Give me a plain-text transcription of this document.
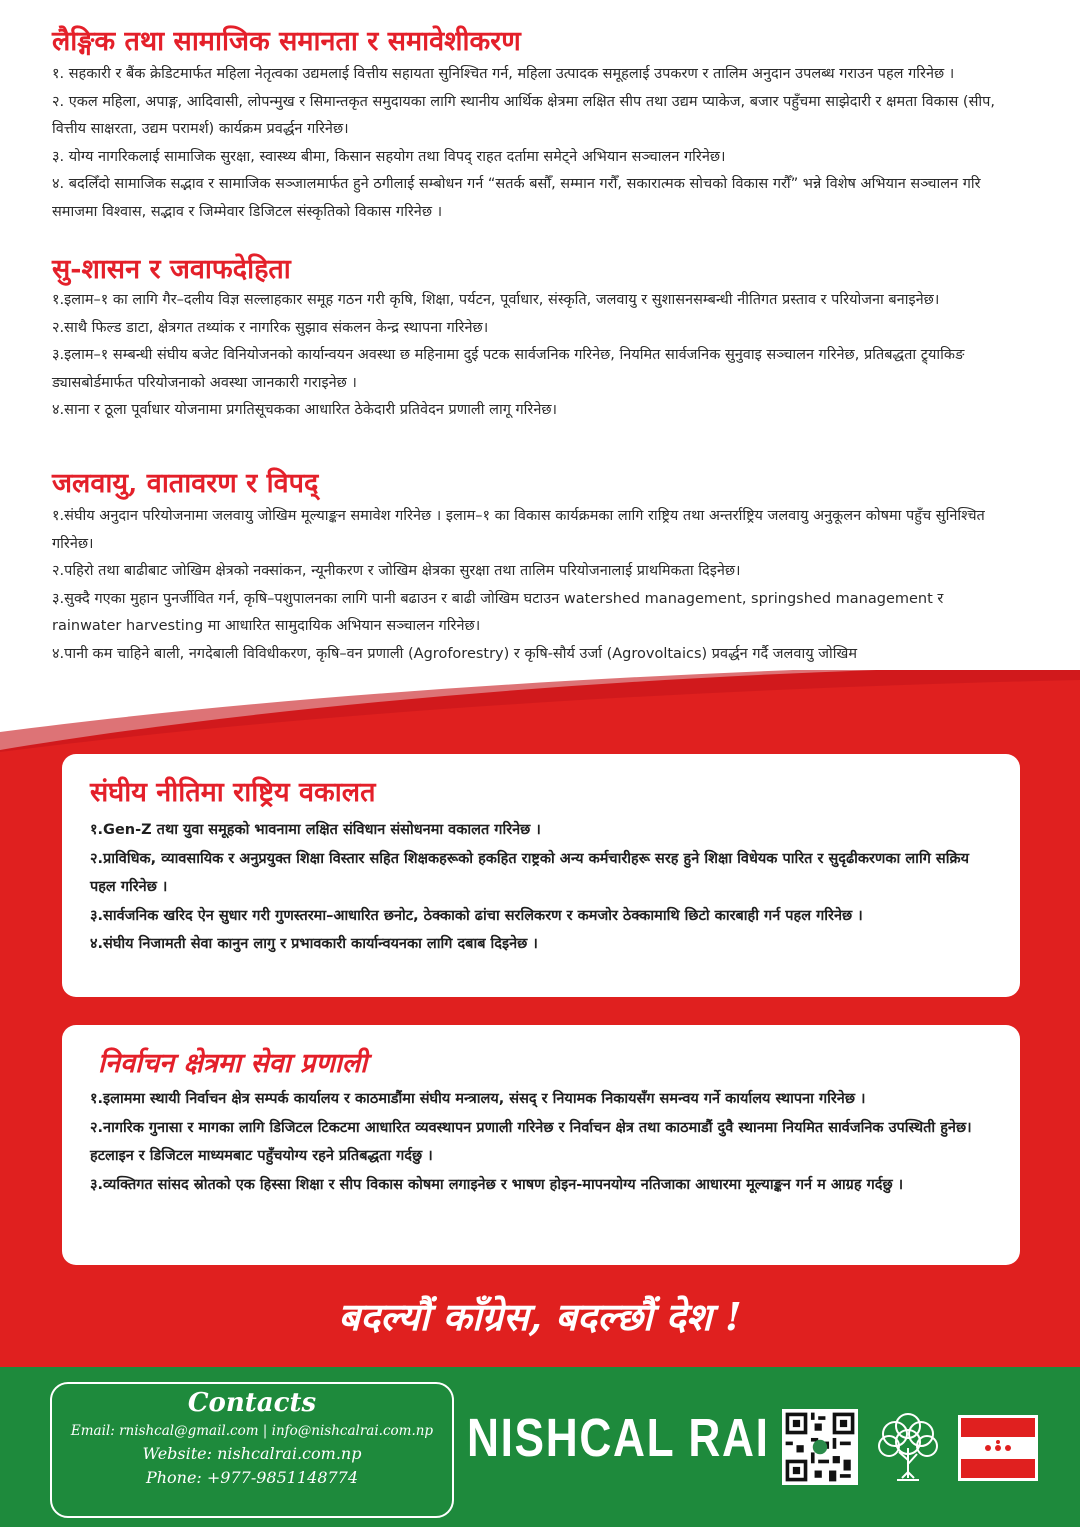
लैङ्गिक तथा सामाजिक समानता र समावेशीकरण

१. सहकारी र बैंक क्रेडिटमार्फत महिला नेतृत्वका उद्यमलाई वित्तीय सहायता सुनिश्चित गर्न, महिला उत्पादक समूहलाई उपकरण र तालिम अनुदान उपलब्ध गराउन पहल गरिनेछ ।

२. एकल महिला, अपाङ्ग, आदिवासी, लोपन्मुख र सिमान्तकृत समुदायका लागि स्थानीय आर्थिक क्षेत्रमा लक्षित सीप तथा उद्यम प्याकेज, बजार पहुँचमा साझेदारी र क्षमता विकास (सीप, वित्तीय साक्षरता, उद्यम परामर्श) कार्यक्रम प्रवर्द्धन गरिनेछ।

३. योग्य नागरिकलाई सामाजिक सुरक्षा, स्वास्थ्य बीमा, किसान सहयोग तथा विपद् राहत दर्तामा समेट्ने अभियान सञ्चालन गरिनेछ।

४. बदलिँदो सामाजिक सद्भाव र सामाजिक सञ्जालमार्फत हुने ठगीलाई सम्बोधन गर्न “सतर्क बसौँ, सम्मान गरौँ, सकारात्मक सोचको विकास गरौँ” भन्ने विशेष अभियान सञ्चालन गरि समाजमा विश्वास, सद्भाव र जिम्मेवार डिजिटल संस्कृतिको विकास गरिनेछ ।

सु-शासन र जवाफदेहिता

१.इलाम–१ का लागि गैर–दलीय विज्ञ सल्लाहकार समूह गठन गरी कृषि, शिक्षा, पर्यटन, पूर्वाधार, संस्कृति, जलवायु र सुशासनसम्बन्धी नीतिगत प्रस्ताव र परियोजना बनाइनेछ।

२.साथै फिल्ड डाटा, क्षेत्रगत तथ्यांक र नागरिक सुझाव संकलन केन्द्र स्थापना गरिनेछ।

३.इलाम–१ सम्बन्धी संघीय बजेट विनियोजनको कार्यान्वयन अवस्था छ महिनामा दुई पटक सार्वजनिक गरिनेछ, नियमित सार्वजनिक सुनुवाइ सञ्चालन गरिनेछ, प्रतिबद्धता ट्र्याकिङ ड्यासबोर्डमार्फत परियोजनाको अवस्था जानकारी गराइनेछ ।

४.साना र ठूला पूर्वाधार योजनामा प्रगतिसूचकका आधारित ठेकेदारी प्रतिवेदन प्रणाली लागू गरिनेछ।

जलवायु, वातावरण र विपद्

१.संघीय अनुदान परियोजनामा जलवायु जोखिम मूल्याङ्कन समावेश गरिनेछ । इलाम–१ का विकास कार्यक्रमका लागि राष्ट्रिय तथा अन्तर्राष्ट्रिय जलवायु अनुकूलन कोषमा पहुँच सुनिश्चित गरिनेछ।

२.पहिरो तथा बाढीबाट जोखिम क्षेत्रको नक्सांकन, न्यूनीकरण र जोखिम क्षेत्रका सुरक्षा तथा तालिम परियोजनालाई प्राथमिकता दिइनेछ।

३.सुक्दै गएका मुहान पुनर्जीवित गर्न, कृषि–पशुपालनका लागि पानी बढाउन र बाढी जोखिम घटाउन watershed management, springshed management र rainwater harvesting मा आधारित सामुदायिक अभियान सञ्चालन गरिनेछ।

४.पानी कम चाहिने बाली, नगदेबाली विविधीकरण, कृषि–वन प्रणाली (Agroforestry) र कृषि-सौर्य उर्जा (Agrovoltaics) प्रवर्द्धन गर्दै जलवायु जोखिम

संघीय नीतिमा राष्ट्रिय वकालत

१.Gen-Z तथा युवा समूहको भावनामा लक्षित संविधान संसोधनमा वकालत गरिनेछ ।

२.प्राविधिक, व्यावसायिक र अनुप्रयुक्त शिक्षा विस्तार सहित शिक्षकहरूको हकहित राष्ट्रको अन्य कर्मचारीहरू सरह हुने शिक्षा विधेयक पारित र सुदृढीकरणका लागि सक्रिय पहल गरिनेछ ।

३.सार्वजनिक खरिद ऐन सुधार गरी गुणस्तरमा–आधारित छनोट, ठेक्काको ढांचा सरलिकरण र कमजोर ठेक्कामाथि छिटो कारबाही गर्न पहल गरिनेछ ।

४.संघीय निजामती सेवा कानुन लागु र प्रभावकारी कार्यान्वयनका लागि दबाब दिइनेछ ।

निर्वाचन क्षेत्रमा सेवा प्रणाली

१.इलाममा स्थायी निर्वाचन क्षेत्र सम्पर्क कार्यालय र काठमाडौंमा संघीय मन्त्रालय, संसद् र नियामक निकायसँग समन्वय गर्ने कार्यालय स्थापना गरिनेछ ।

२.नागरिक गुनासा र मागका लागि डिजिटल टिकटमा आधारित व्यवस्थापन प्रणाली गरिनेछ र निर्वाचन क्षेत्र तथा काठमाडौं दुवै स्थानमा नियमित सार्वजनिक उपस्थिती हुनेछ। हटलाइन र डिजिटल माध्यमबाट पहुँचयोग्य रहने प्रतिबद्धता गर्दछु ।

३.व्यक्तिगत सांसद स्रोतको एक हिस्सा शिक्षा र सीप विकास कोषमा लगाइनेछ र भाषण होइन-मापनयोग्य नतिजाका आधारमा मूल्याङ्कन गर्न म आग्रह गर्दछु ।

बदल्यौं काँग्रेस, बदल्छौं देश !
Contacts
Email: rnishcal@gmail.com | info@nishcalrai.com.np
Website: nishcalrai.com.np
Phone: +977-9851148774
NISHCAL RAI
